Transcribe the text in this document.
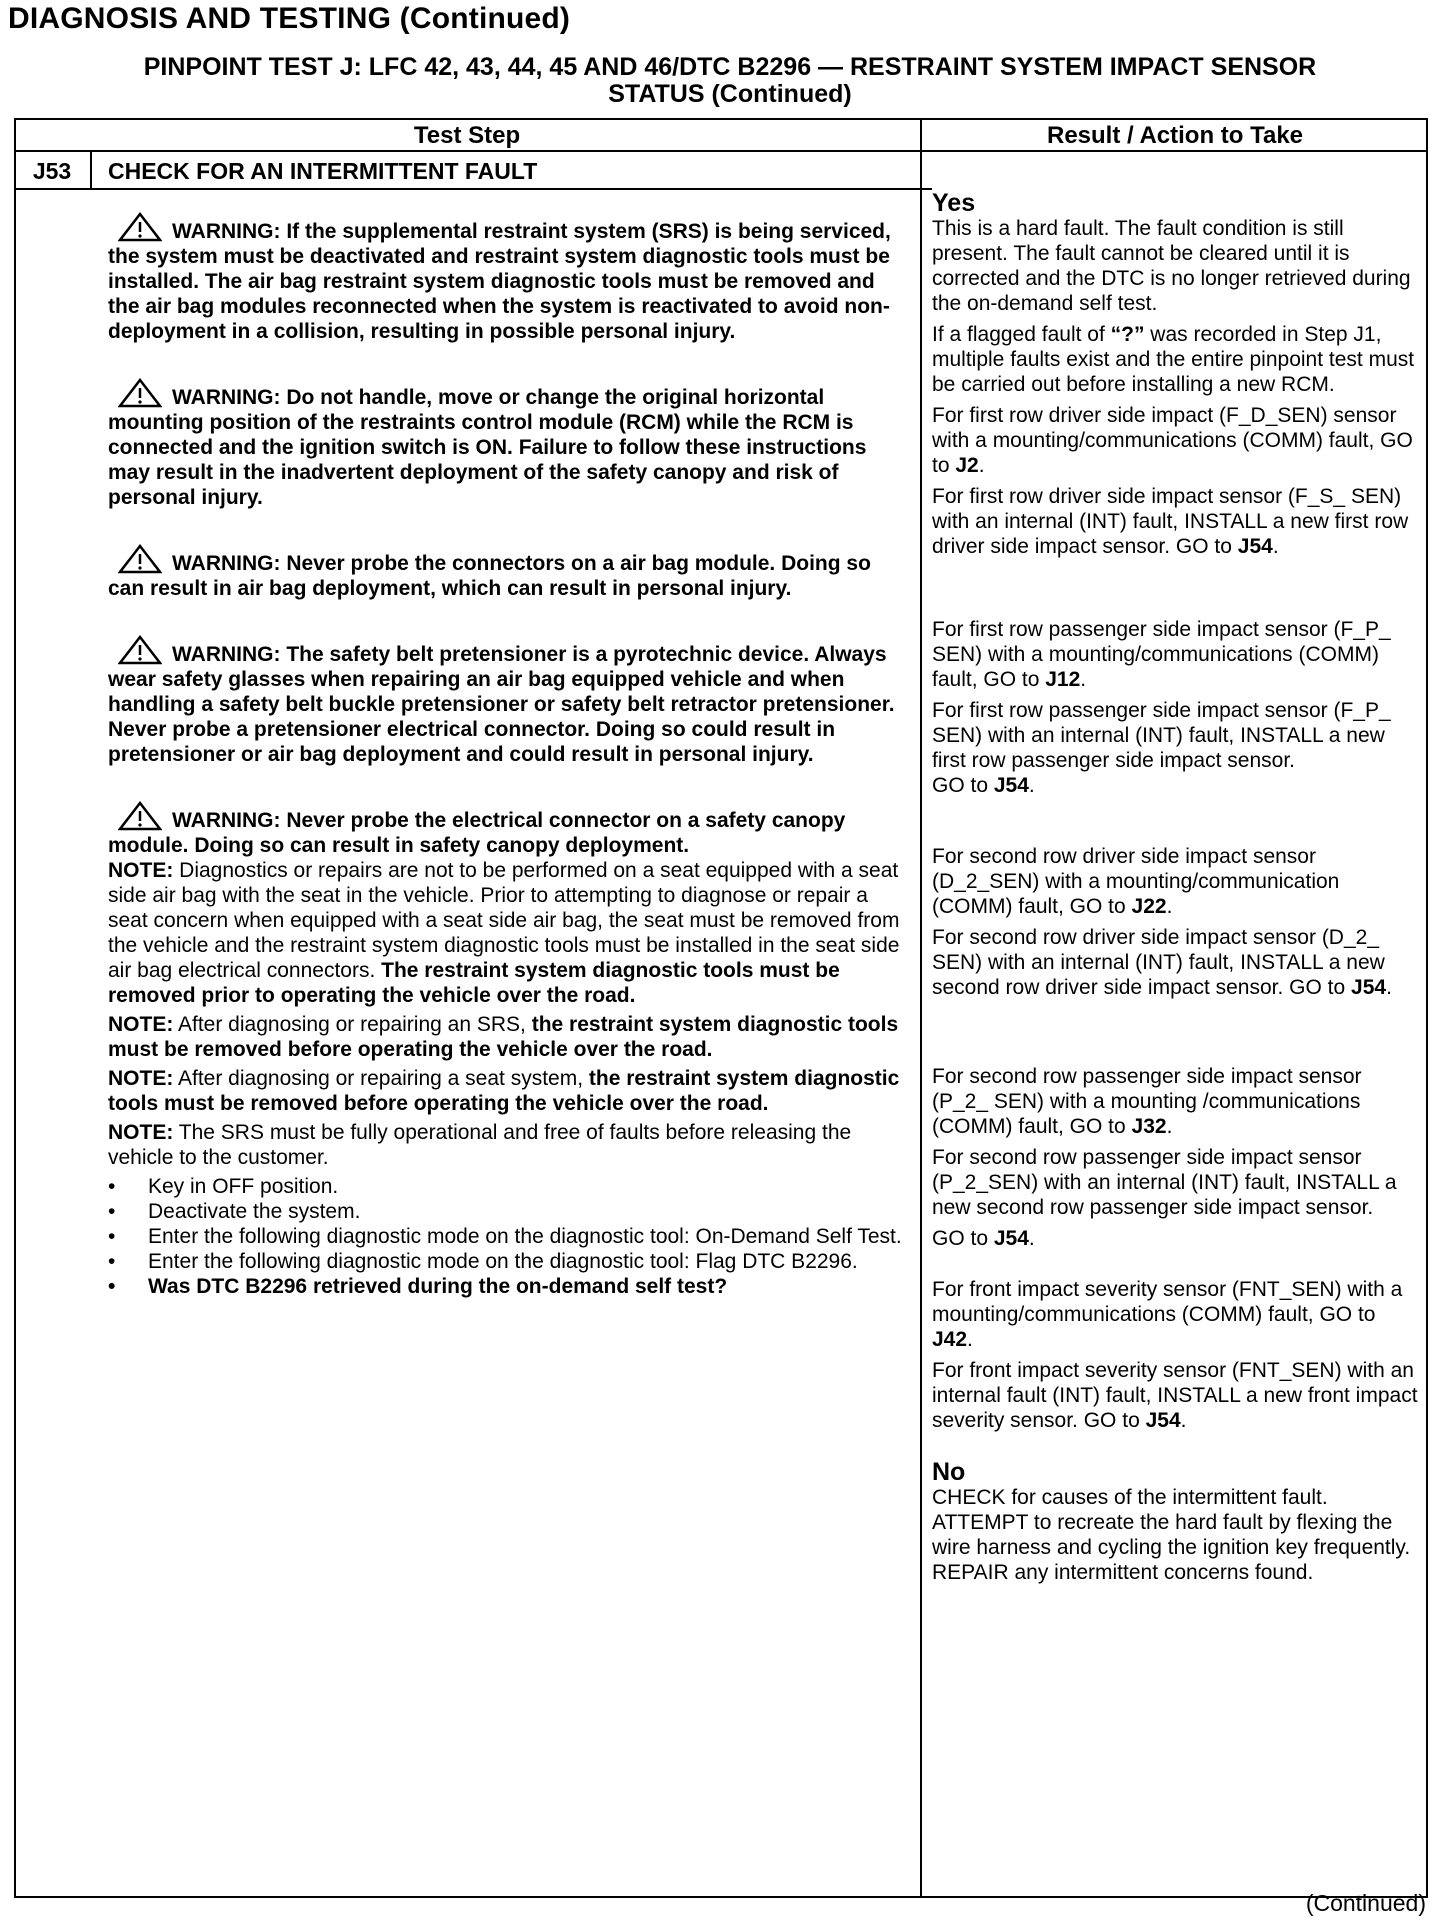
DIAGNOSIS AND TESTING (Continued)
PINPOINT TEST J: LFC 42, 43, 44, 45 AND 46/DTC B2296 — RESTRAINT SYSTEM IMPACT SENSOR
STATUS (Continued)
Test Step	Result / Action to Take
J53	CHECK FOR AN INTERMITTENT FAULT
WARNING: If the supplemental restraint system (SRS) is being serviced, the system must be deactivated and restraint system diagnostic tools must be installed. The air bag restraint system diagnostic tools must be removed and the air bag modules reconnected when the system is reactivated to avoid non-deployment in a collision, resulting in possible personal injury.
WARNING: Do not handle, move or change the original horizontal mounting position of the restraints control module (RCM) while the RCM is connected and the ignition switch is ON. Failure to follow these instructions may result in the inadvertent deployment of the safety canopy and risk of personal injury.
WARNING: Never probe the connectors on a air bag module. Doing so can result in air bag deployment, which can result in personal injury.
WARNING: The safety belt pretensioner is a pyrotechnic device. Always wear safety glasses when repairing an air bag equipped vehicle and when handling a safety belt buckle pretensioner or safety belt retractor pretensioner. Never probe a pretensioner electrical connector. Doing so could result in pretensioner or air bag deployment and could result in personal injury.
WARNING: Never probe the electrical connector on a safety canopy module. Doing so can result in safety canopy deployment.

NOTE: Diagnostics or repairs are not to be performed on a seat equipped with a seat side air bag with the seat in the vehicle. Prior to attempting to diagnose or repair a seat concern when equipped with a seat side air bag, the seat must be removed from the vehicle and the restraint system diagnostic tools must be installed in the seat side air bag electrical connectors. The restraint system diagnostic tools must be removed prior to operating the vehicle over the road.

NOTE: After diagnosing or repairing an SRS, the restraint system diagnostic tools must be removed before operating the vehicle over the road.

NOTE: After diagnosing or repairing a seat system, the restraint system diagnostic tools must be removed before operating the vehicle over the road.

NOTE: The SRS must be fully operational and free of faults before releasing the vehicle to the customer.

• Key in OFF position.
• Deactivate the system.
• Enter the following diagnostic mode on the diagnostic tool: On-Demand Self Test.
• Enter the following diagnostic mode on the diagnostic tool: Flag DTC B2296.
• Was DTC B2296 retrieved during the on-demand self test?
Yes

This is a hard fault. The fault condition is still present. The fault cannot be cleared until it is corrected and the DTC is no longer retrieved during the on-demand self test.

If a flagged fault of “?” was recorded in Step J1, multiple faults exist and the entire pinpoint test must be carried out before installing a new RCM.

For first row driver side impact (F_D_SEN) sensor with a mounting/communications (COMM) fault, GO to J2.

For first row driver side impact sensor (F_S_ SEN) with an internal (INT) fault, INSTALL a new first row driver side impact sensor. GO to J54.

For first row passenger side impact sensor (F_P_ SEN) with a mounting/communications (COMM) fault, GO to J12.

For first row passenger side impact sensor (F_P_ SEN) with an internal (INT) fault, INSTALL a new first row passenger side impact sensor.

GO to J54.

For second row driver side impact sensor (D_2_SEN) with a mounting/communication (COMM) fault, GO to J22.

For second row driver side impact sensor (D_2_ SEN) with an internal (INT) fault, INSTALL a new second row driver side impact sensor. GO to J54.

For second row passenger side impact sensor (P_2_ SEN) with a mounting /communications (COMM) fault, GO to J32.

For second row passenger side impact sensor (P_2_SEN) with an internal (INT) fault, INSTALL a new second row passenger side impact sensor.

GO to J54.

For front impact severity sensor (FNT_SEN) with a mounting/communications (COMM) fault, GO to J42.

For front impact severity sensor (FNT_SEN) with an internal fault (INT) fault, INSTALL a new front impact severity sensor. GO to J54.

No

CHECK for causes of the intermittent fault. ATTEMPT to recreate the hard fault by flexing the wire harness and cycling the ignition key frequently. REPAIR any intermittent concerns found.

(Continued)
